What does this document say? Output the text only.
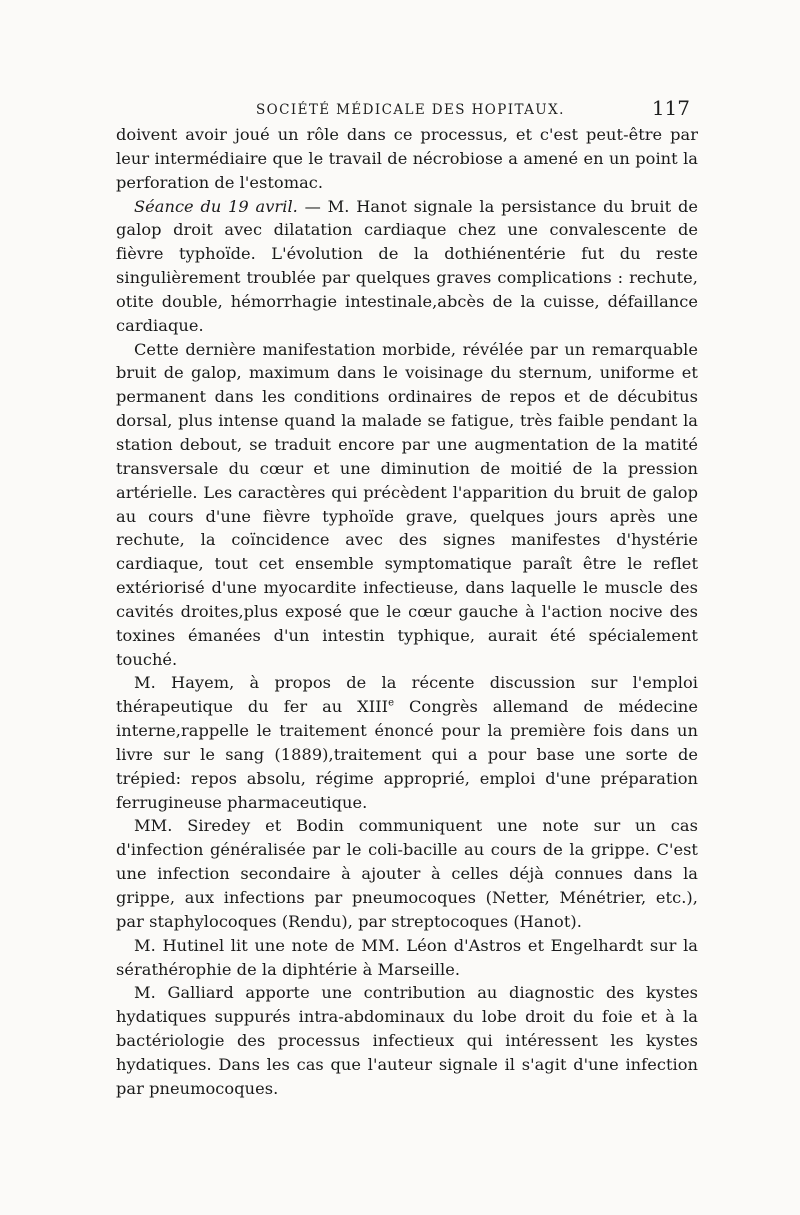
SOCIÉTÉ MÉDICALE DES HOPITAUX.	117

doivent avoir joué un rôle dans ce processus, et c'est peut-être par leur intermédiaire que le travail de nécrobiose a amené en un point la perforation de l'estomac.

Séance du 19 avril. — M. Hanot signale la persistance du bruit de galop droit avec dilatation cardiaque chez une convalescente de fièvre typhoïde. L'évolution de la dothiénentérie fut du reste singulièrement troublée par quelques graves complications : rechute, otite double, hémorrhagie intestinale,abcès de la cuisse, défaillance cardiaque.

Cette dernière manifestation morbide, révélée par un remarquable bruit de galop, maximum dans le voisinage du sternum, uniforme et permanent dans les conditions ordinaires de repos et de décubitus dorsal, plus intense quand la malade se fatigue, très faible pendant la station debout, se traduit encore par une augmentation de la matité transversale du cœur et une diminution de moitié de la pression artérielle. Les caractères qui précèdent l'apparition du bruit de galop au cours d'une fièvre typhoïde grave, quelques jours après une rechute, la coïncidence avec des signes manifestes d'hystérie cardiaque, tout cet ensemble symptomatique paraît être le reflet extériorisé d'une myocardite infectieuse, dans laquelle le muscle des cavités droites,plus exposé que le cœur gauche à l'action nocive des toxines émanées d'un intestin typhique, aurait été spécialement touché.

M. Hayem, à propos de la récente discussion sur l'emploi thérapeutique du fer au XIIIe Congrès allemand de médecine interne,rappelle le traitement énoncé pour la première fois dans un livre sur le sang (1889),traitement qui a pour base une sorte de trépied: repos absolu, régime approprié, emploi d'une préparation ferrugineuse pharmaceutique.

MM. Siredey et Bodin communiquent une note sur un cas d'infection généralisée par le coli-bacille au cours de la grippe. C'est une infection secondaire à ajouter à celles déjà connues dans la grippe, aux infections par pneumocoques (Netter, Ménétrier, etc.), par staphylocoques (Rendu), par streptocoques (Hanot).

M. Hutinel lit une note de MM. Léon d'Astros et Engelhardt sur la sérathérophie de la diphtérie à Marseille.

M. Galliard apporte une contribution au diagnostic des kystes hydatiques suppurés intra-abdominaux du lobe droit du foie et à la bactériologie des processus infectieux qui intéressent les kystes hydatiques. Dans les cas que l'auteur signale il s'agit d'une infection par pneumocoques.
